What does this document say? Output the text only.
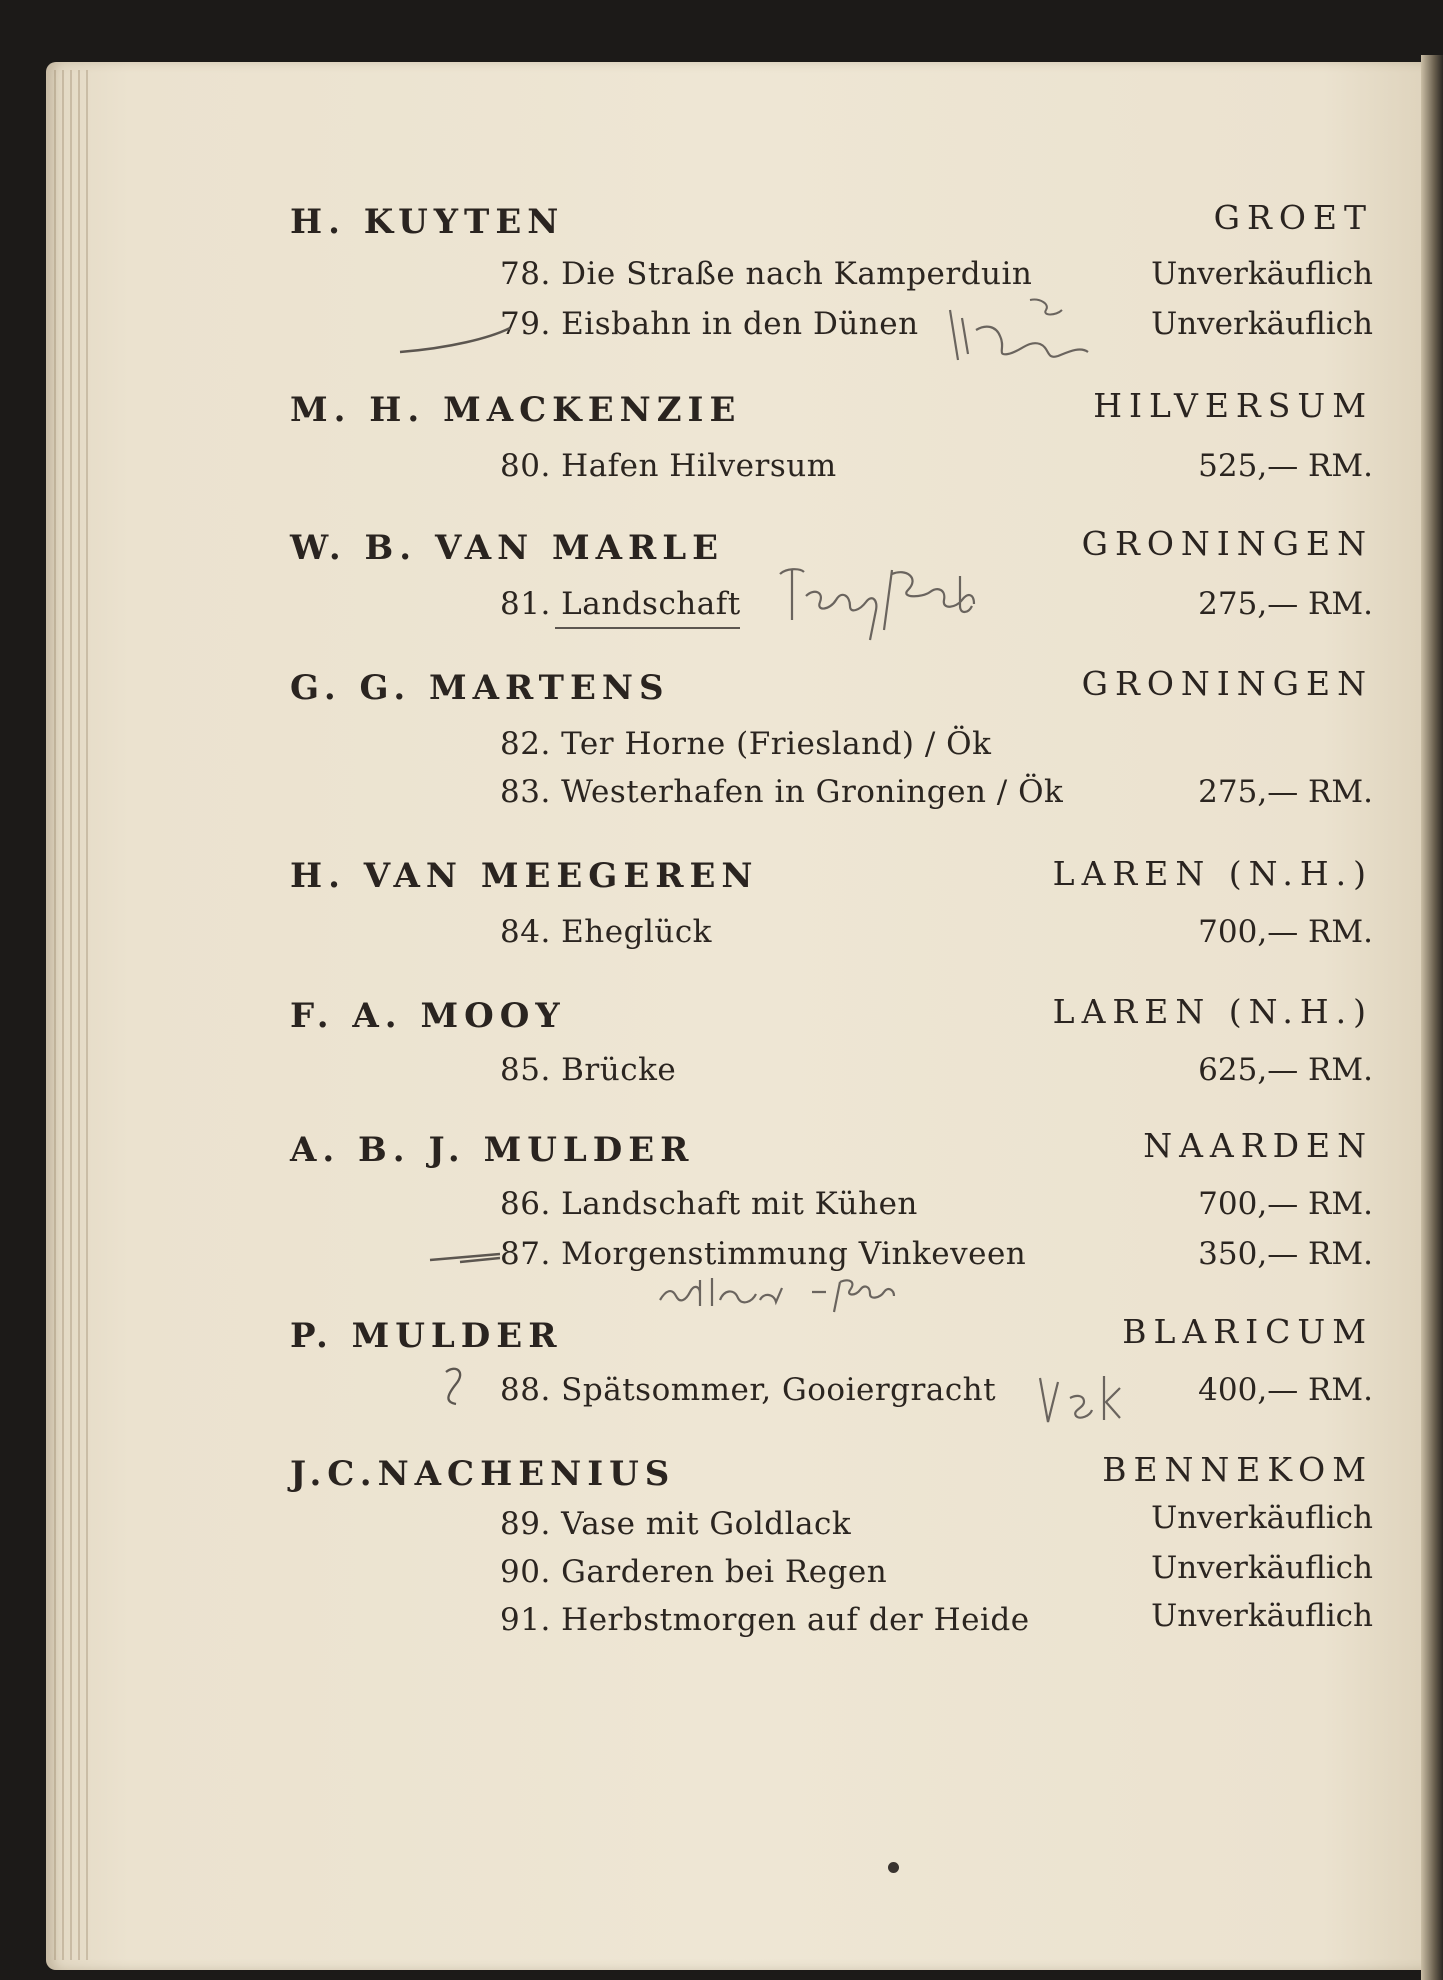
H. KUYTEN	GROET
78. Die Straße nach Kamperduin	Unverkäuflich
79. Eisbahn in den Dünen	Unverkäuflich
M. H. MACKENZIE	HILVERSUM
80. Hafen Hilversum	525,— RM.
W. B. VAN MARLE	GRONINGEN
81. Landschaft	275,— RM.
G. G. MARTENS	GRONINGEN
82. Ter Horne (Friesland) / Ök
83. Westerhafen in Groningen / Ök	275,— RM.
H. VAN MEEGEREN	LAREN (N.H.)
84. Eheglück	700,— RM.
F. A. MOOY	LAREN (N.H.)
85. Brücke	625,— RM.
A. B. J. MULDER	NAARDEN
86. Landschaft mit Kühen	700,— RM.
87. Morgenstimmung Vinkeveen	350,— RM.
P. MULDER	BLARICUM
88. Spätsommer, Gooiergracht	400,— RM.
J.C.NACHENIUS	BENNEKOM
89. Vase mit Goldlack	Unverkäuflich
90. Garderen bei Regen	Unverkäuflich
91. Herbstmorgen auf der Heide	Unverkäuflich
